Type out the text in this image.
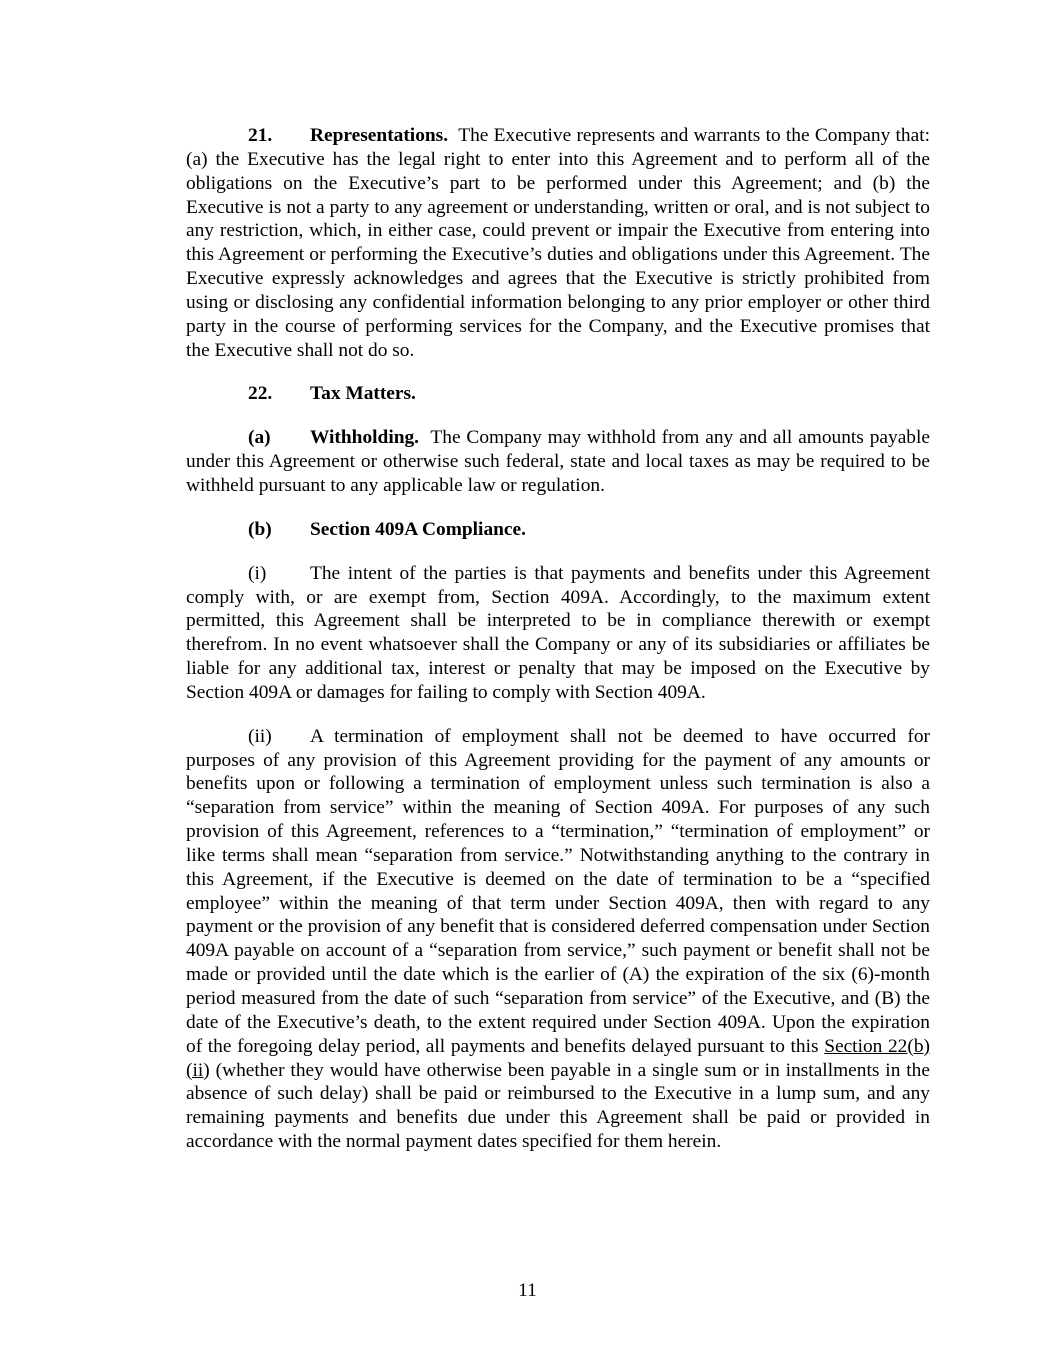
21. Representations. The Executive represents and warrants to the Company that: (a) the Executive has the legal right to enter into this Agreement and to perform all of the obligations on the Executive’s part to be performed under this Agreement; and (b) the Executive is not a party to any agreement or understanding, written or oral, and is not subject to any restriction, which, in either case, could prevent or impair the Executive from entering into this Agreement or performing the Executive’s duties and obligations under this Agreement. The Executive expressly acknowledges and agrees that the Executive is strictly prohibited from using or disclosing any confidential information belonging to any prior employer or other third party in the course of performing services for the Company, and the Executive promises that the Executive shall not do so.

22. Tax Matters.

(a) Withholding. The Company may withhold from any and all amounts payable under this Agreement or otherwise such federal, state and local taxes as may be required to be withheld pursuant to any applicable law or regulation.

(b) Section 409A Compliance.

(i) The intent of the parties is that payments and benefits under this Agreement comply with, or are exempt from, Section 409A. Accordingly, to the maximum extent permitted, this Agreement shall be interpreted to be in compliance therewith or exempt therefrom. In no event whatsoever shall the Company or any of its subsidiaries or affiliates be liable for any additional tax, interest or penalty that may be imposed on the Executive by Section 409A or damages for failing to comply with Section 409A.

(ii) A termination of employment shall not be deemed to have occurred for purposes of any provision of this Agreement providing for the payment of any amounts or benefits upon or following a termination of employment unless such termination is also a “separation from service” within the meaning of Section 409A. For purposes of any such provision of this Agreement, references to a “termination,” “termination of employment” or like terms shall mean “separation from service.” Notwithstanding anything to the contrary in this Agreement, if the Executive is deemed on the date of termination to be a “specified employee” within the meaning of that term under Section 409A, then with regard to any payment or the provision of any benefit that is considered deferred compensation under Section 409A payable on account of a “separation from service,” such payment or benefit shall not be made or provided until the date which is the earlier of (A) the expiration of the six (6)-month period measured from the date of such “separation from service” of the Executive, and (B) the date of the Executive’s death, to the extent required under Section 409A. Upon the expiration of the foregoing delay period, all payments and benefits delayed pursuant to this Section 22(b)(ii) (whether they would have otherwise been payable in a single sum or in installments in the absence of such delay) shall be paid or reimbursed to the Executive in a lump sum, and any remaining payments and benefits due under this Agreement shall be paid or provided in accordance with the normal payment dates specified for them herein.

11
